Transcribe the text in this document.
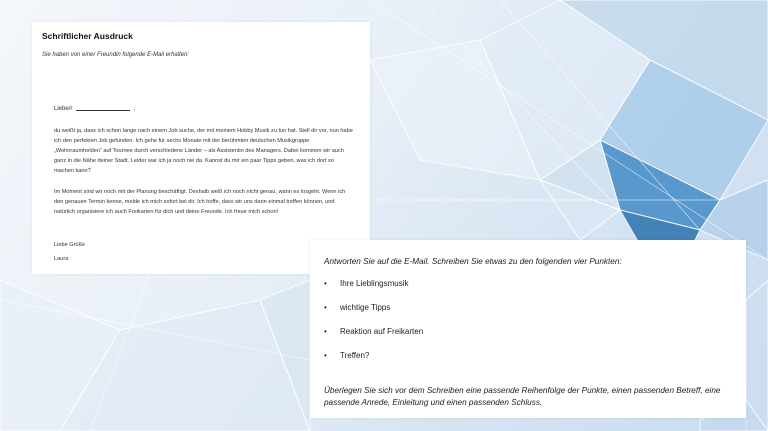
Schriftlicher Ausdruck
Sie haben von einer Freundin folgende E-Mail erhalten:
Liebe/r	,

du weißt ja, dass ich schon lange nach einem Job suche, der mit meinem Hobby Musik zu tun hat. Stell dir vor, nun habe ich den perfekten Job gefunden. Ich gehe für sechs Monate mit der berühmten deutschen Musikgruppe „Wohnraumhelden“ auf Tournee durch verschiedene Länder – als Assistentin des Managers. Dabei kommen wir auch ganz in die Nähe deiner Stadt. Leider war ich ja noch nie da. Kannst du mir ein paar Tipps geben, was ich dort so machen kann?

Im Moment sind wir noch mit der Planung beschäftigt. Deshalb weiß ich noch nicht genau, wann es losgeht. Wenn ich den genauen Termin kenne, melde ich mich sofort bei dir. Ich hoffe, dass wir uns dann einmal treffen können, und natürlich organisiere ich auch Freikarten für dich und deine Freunde. Ich freue mich schon!

Liebe Grüße
Laura	Antworten Sie auf die E-Mail. Schreiben Sie etwas zu den folgenden vier Punkten:
•	Ihre Lieblingsmusik
•	wichtige Tipps
•	Reaktion auf Freikarten
•	Treffen?

Überlegen Sie sich vor dem Schreiben eine passende Reihenfolge der Punkte, einen passenden Betreff, eine passende Anrede, Einleitung und einen passenden Schluss.
